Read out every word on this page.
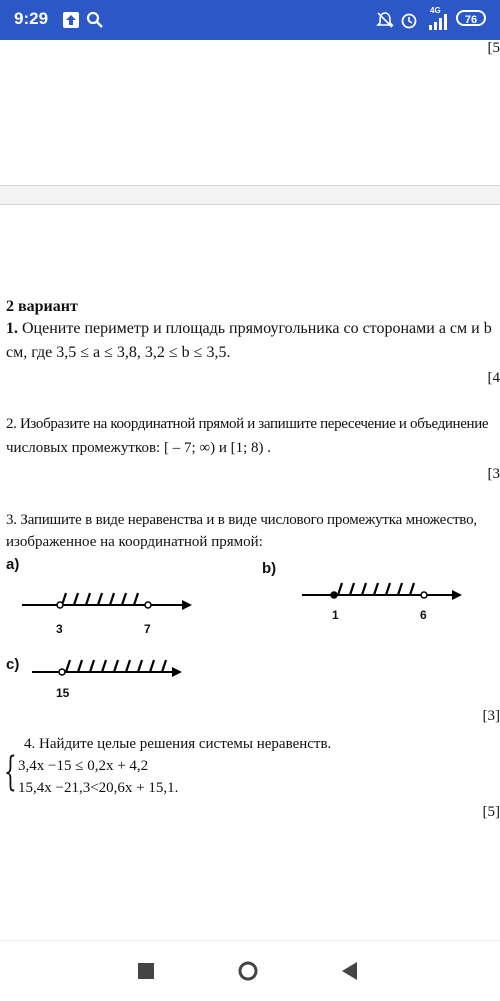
9:29	4G
76
[5
2 вариант
1. Оцените периметр и площадь прямоугольника со сторонами a см и b
см, где 3,5 ≤ a ≤ 3,8, 3,2 ≤ b ≤ 3,5.
[4
2. Изобразите на координатной прямой и запишите пересечение и объединение
числовых промежутков: [ – 7; ∞) и [1; 8) .
[3
3. Запишите в виде неравенства и в виде числового промежутка множество,
изображенное на координатной прямой:
а)
3	7
b)
1	6
c)
15
[3]
4. Найдите целые решения системы неравенств.
{ 3,4x −15 ≤ 0,2x + 4,2
15,4x −21,3<20,6x + 15,1.
[5]
